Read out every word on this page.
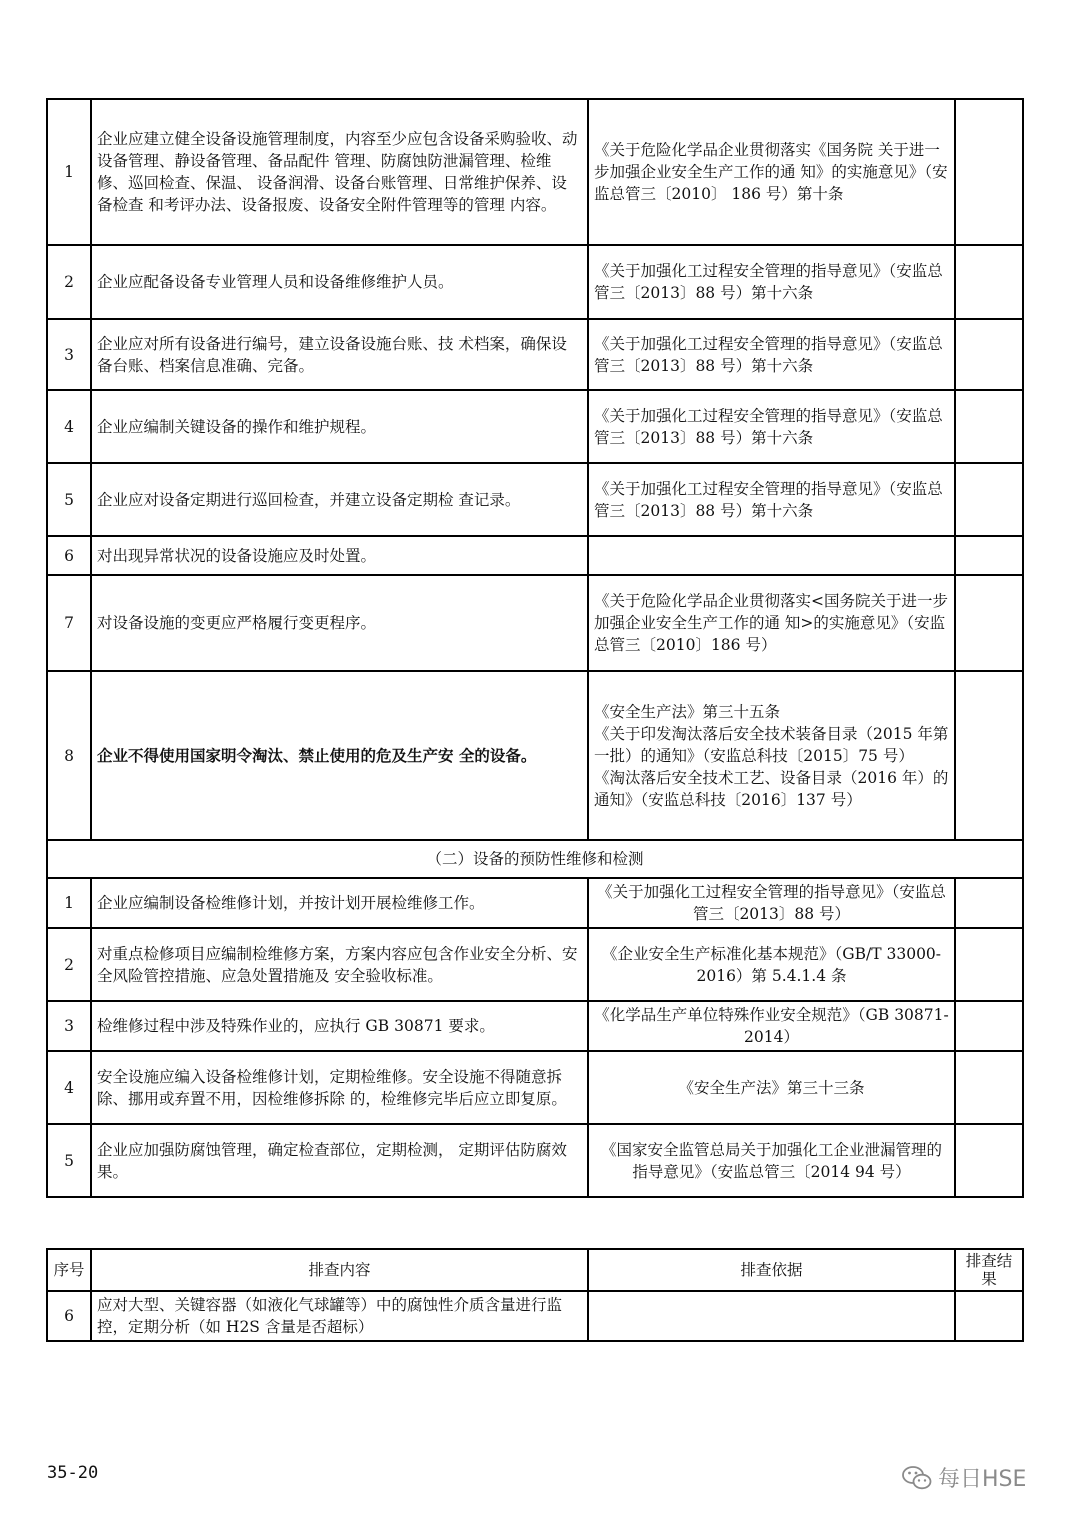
1	企业应建立健全设备设施管理制度，内容至少应包含设备采购验收、动设备管理、静设备管理、备品配件 管理、防腐蚀防泄漏管理、检维修、巡回检查、保温、 设备润滑、设备台账管理、日常维护保养、设备检查 和考评办法、设备报废、设备安全附件管理等的管理 内容。	《关于危险化学品企业贯彻落实《国务院 关于进一步加强企业安全生产工作的通 知》的实施意见》（安监总管三〔2010〕 186 号）第十条	
2	企业应配备设备专业管理人员和设备维修维护人员。	《关于加强化工过程安全管理的指导意见》（安监总管三〔2013〕88 号）第十六条	
3	企业应对所有设备进行编号，建立设备设施台账、技 术档案，确保设备台账、档案信息准确、完备。	《关于加强化工过程安全管理的指导意见》（安监总管三〔2013〕88 号）第十六条	
4	企业应编制关键设备的操作和维护规程。	《关于加强化工过程安全管理的指导意见》（安监总管三〔2013〕88 号）第十六条	
5	企业应对设备定期进行巡回检查，并建立设备定期检 查记录。	《关于加强化工过程安全管理的指导意见》（安监总管三〔2013〕88 号）第十六条	
6	对出现异常状况的设备设施应及时处置。		
7	对设备设施的变更应严格履行变更程序。	《关于危险化学品企业贯彻落实<国务院关于进一步加强企业安全生产工作的通 知>的实施意见》（安监总管三〔2010〕186 号）	
8	企业不得使用国家明令淘汰、禁止使用的危及生产安 全的设备。	《安全生产法》第三十五条
《关于印发淘汰落后安全技术装备目录（2015 年第一批）的通知》（安监总科技〔2015〕75 号）
《淘汰落后安全技术工艺、设备目录（2016 年）的通知》（安监总科技〔2016〕137 号）	
（二）设备的预防性维修和检测			
1	企业应编制设备检维修计划，并按计划开展检维修工作。	《关于加强化工过程安全管理的指导意见》（安监总管三〔2013〕88 号）	
2	对重点检修项目应编制检维修方案，方案内容应包含作业安全分析、安全风险管控措施、应急处置措施及 安全验收标准。	《企业安全生产标准化基本规范》（GB/T 33000-2016）第 5.4.1.4 条	
3	检维修过程中涉及特殊作业的，应执行 GB 30871 要求。	《化学品生产单位特殊作业安全规范》（GB 30871-2014）	
4	安全设施应编入设备检维修计划，定期检维修。安全设施不得随意拆除、挪用或弃置不用，因检维修拆除 的，检维修完毕后应立即复原。	《安全生产法》第三十三条	
5	企业应加强防腐蚀管理，确定检查部位，定期检测， 定期评估防腐效果。	《国家安全监管总局关于加强化工企业泄漏管理的指导意见》（安监总管三〔2014 94 号）	
序号	排查内容	排查依据	排查结果
6	应对大型、关键容器（如液化气球罐等）中的腐蚀性介质含量进行监控，定期分析（如 H2S 含量是否超标）		
35-20	每日HSE
